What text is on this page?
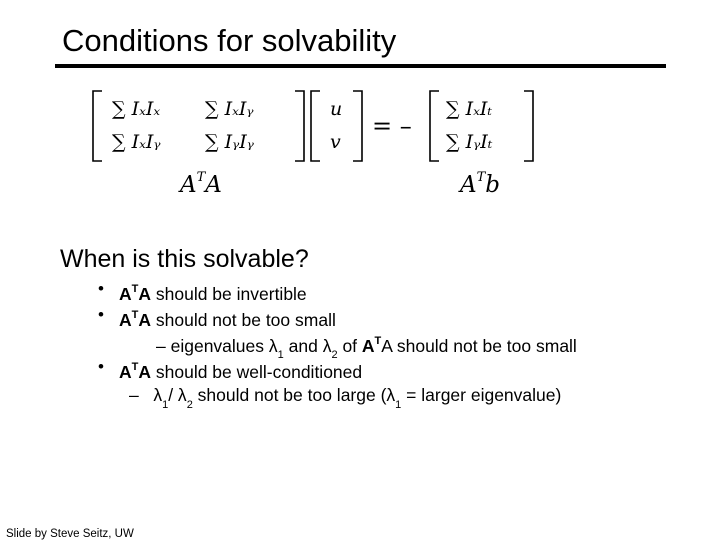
Conditions for solvability
∑ IₓIₓ ∑ IₓIᵧ
∑ IₓIᵧ ∑ IᵧIᵧ
u
v
= –
∑ IₓIₜ
∑ IᵧIₜ
$A^TA$	$A^Tb$
When is this solvable?
• $A^TA$ should be invertible
• $A^TA$ should not be too small
– eigenvalues $\lambda_1$ and $\lambda_2$ of $A^TA$ should not be too small
• $A^TA$ should be well-conditioned
– $\lambda_1/$ $\lambda_2$ should not be too large ($\lambda_1$ = larger eigenvalue)
Slide by Steve Seitz, UW
